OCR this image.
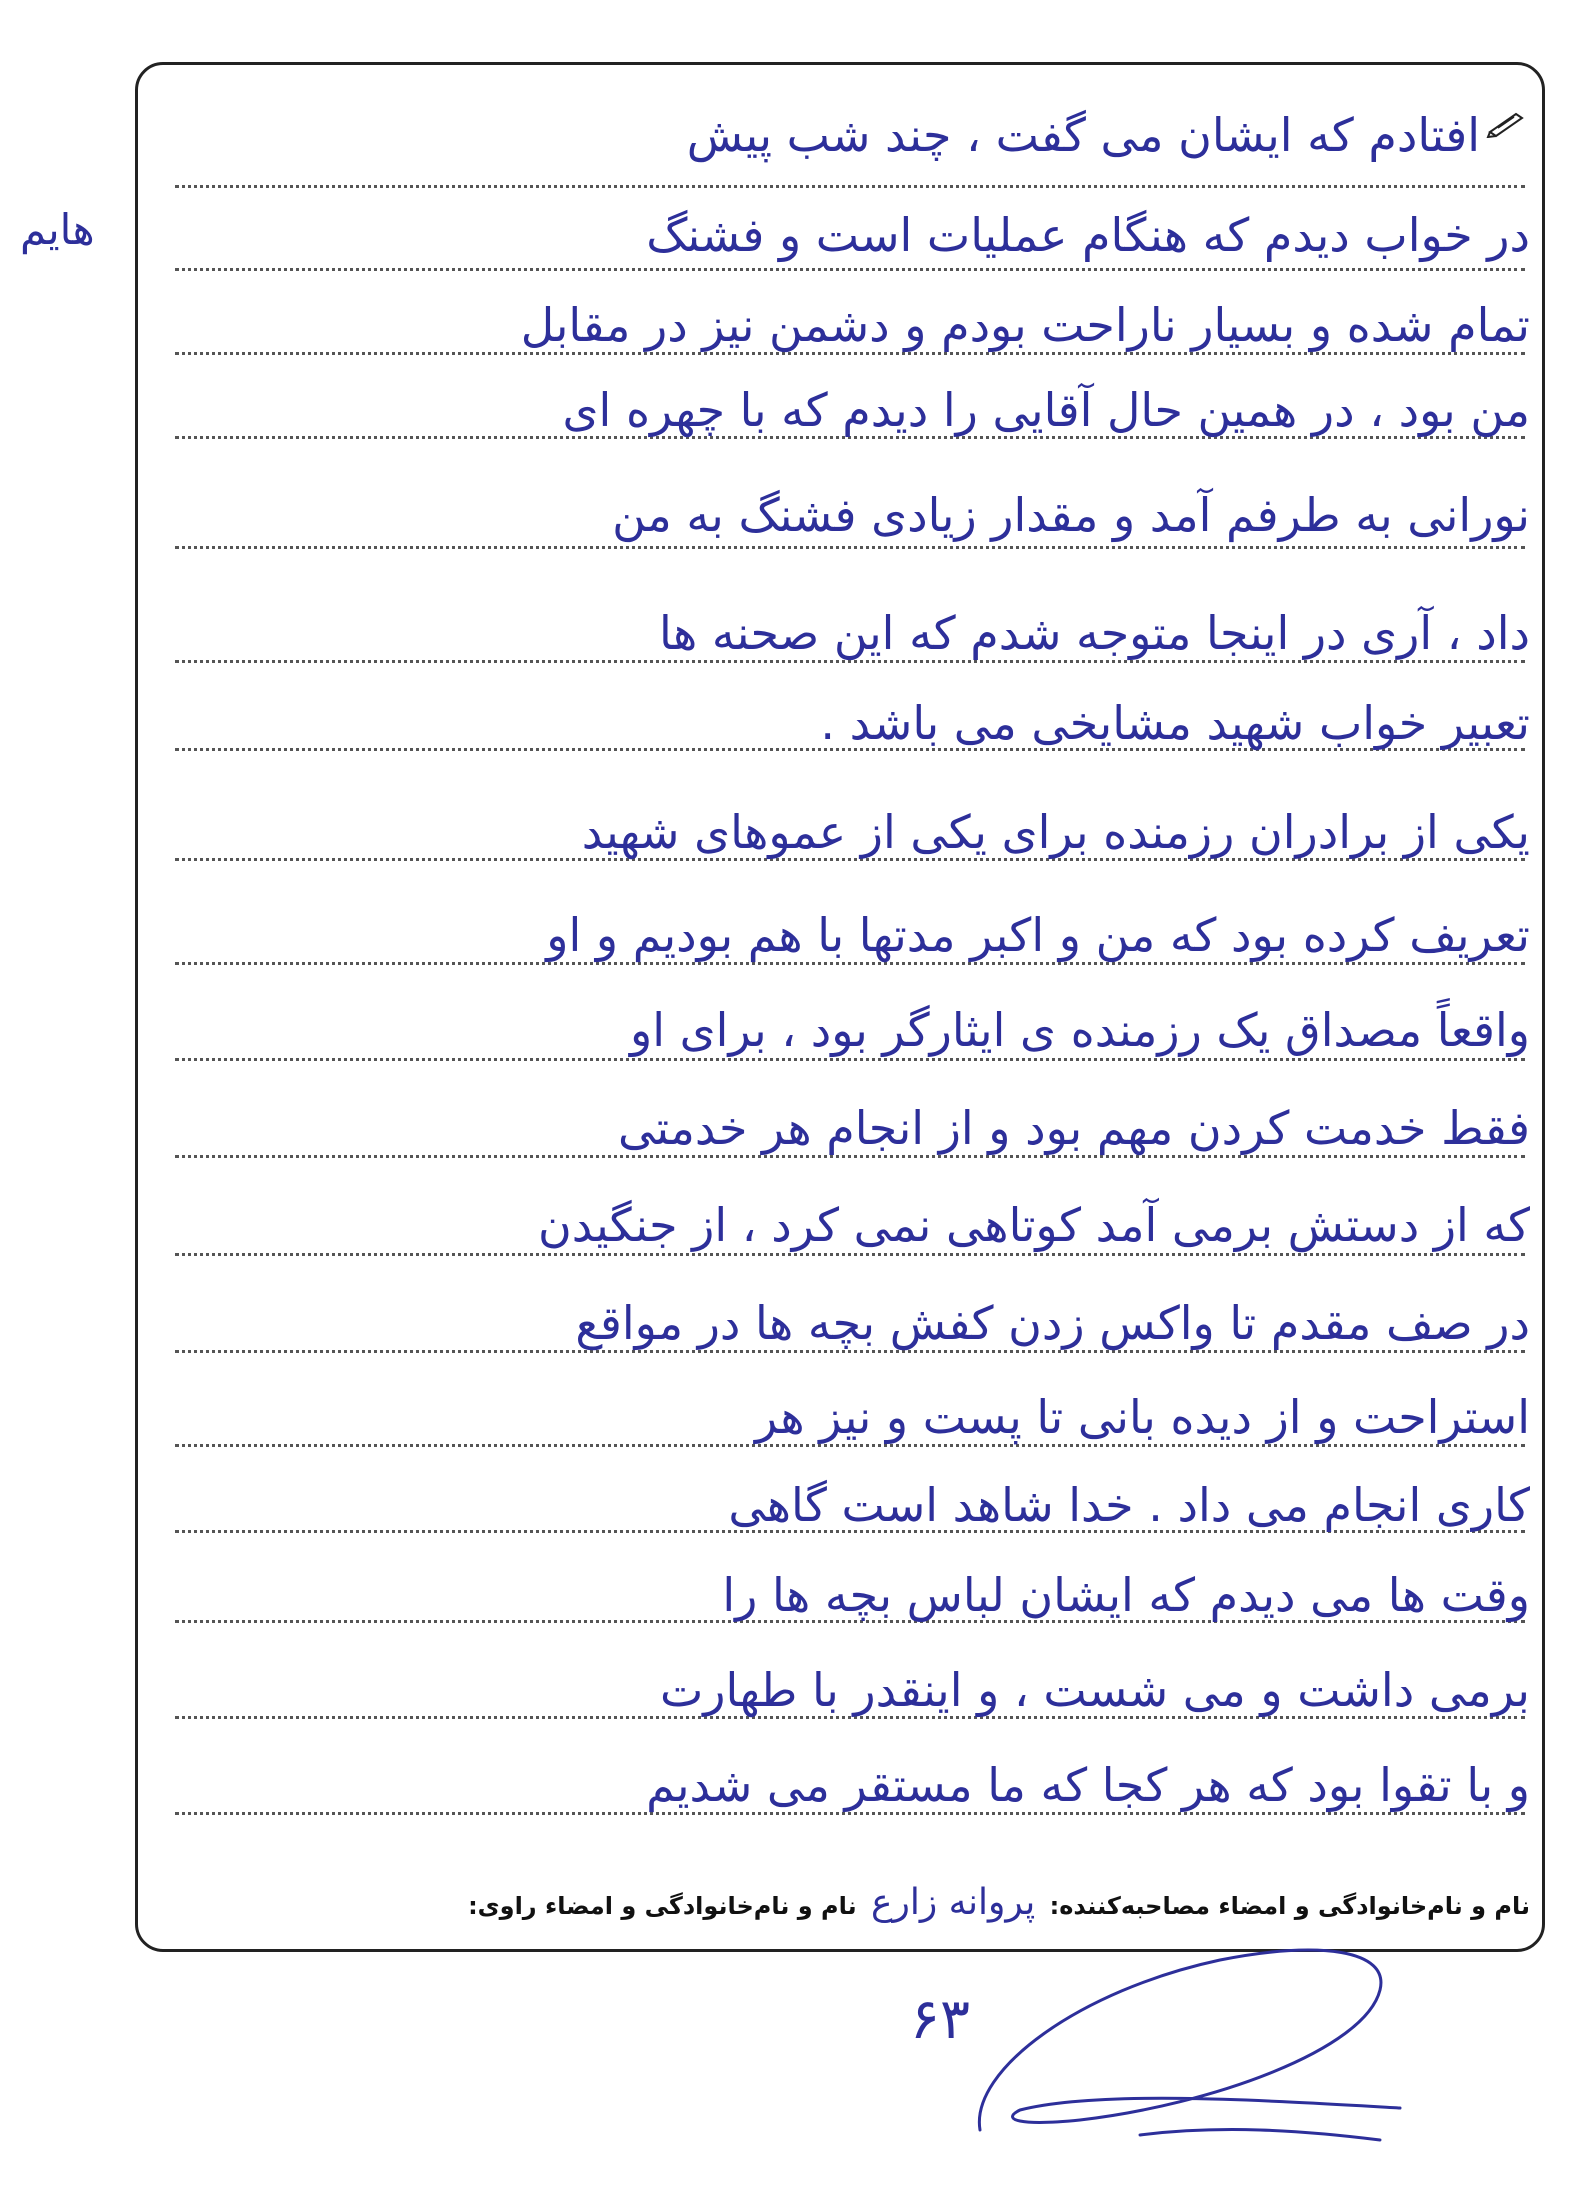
افتادم که ایشان می گفت ، چند شب پیش
در خواب دیدم که هنگام عملیات است و فشنگ
تمام شده و بسیار ناراحت بودم و دشمن نیز در مقابل
من بود ، در همین حال آقایی را دیدم که با چهره ای
نورانی به طرفم آمد و مقدار زیادی فشنگ به من
داد ، آری در اینجا متوجه شدم که این صحنه ها
تعبیر خواب شهید مشایخی می باشد .
یکی از برادران رزمنده برای یکی از عموهای شهید
تعریف کرده بود که من و اکبر مدتها با هم بودیم و او
واقعاً مصداق یک رزمنده ی ایثارگر بود ، برای او
فقط خدمت کردن مهم بود و از انجام هر خدمتی
که از دستش برمی آمد کوتاهی نمی کرد ، از جنگیدن
در صف مقدم تا واکس زدن کفش بچه ها در مواقع
استراحت و از دیده بانی تا پست و نیز هر
کاری انجام می داد . خدا شاهد است گاهی
وقت ها می دیدم که ایشان لباس بچه ها را
برمی داشت و می شست ، و اینقدر با طهارت
و با تقوا بود که هر کجا که ما مستقر می شدیم
هایم
نام و نام‌خانوادگی و امضاء مصاحبه‌کننده: پروانه زارع نام و نام‌خانوادگی و امضاء راوی:
۶۳
